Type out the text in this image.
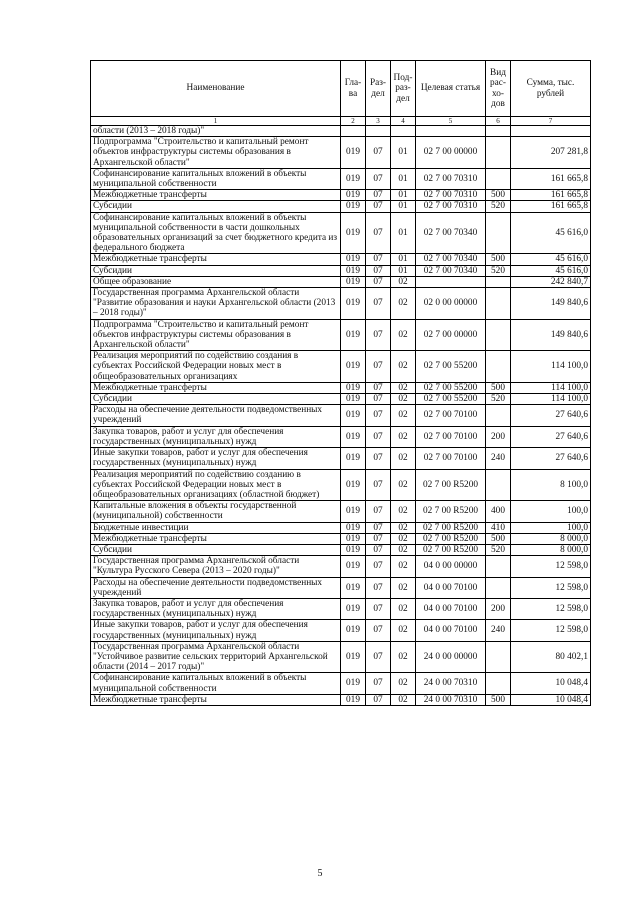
Наименование	Гла-ва	Раз-дел	Под-раз-дел	Целевая статья	Вид рас-хо-дов	Сумма, тыс. рублей
1	2	3	4	5	6	7
области (2013 – 2018 годы)"						
Подпрограмма "Строительство и капитальный ремонт объектов инфраструктуры системы образования в Архангельской области"	019	07	01	02 7 00 00000		207 281,8
Софинансирование капитальных вложений в объекты муниципальной собственности	019	07	01	02 7 00 70310		161 665,8
Межбюджетные трансферты	019	07	01	02 7 00 70310	500	161 665,8
Субсидии	019	07	01	02 7 00 70310	520	161 665,8
Софинансирование капитальных вложений в объекты муниципальной собственности в части дошкольных образовательных организаций за счет бюджетного кредита из федерального бюджета	019	07	01	02 7 00 70340		45 616,0
Межбюджетные трансферты	019	07	01	02 7 00 70340	500	45 616,0
Субсидии	019	07	01	02 7 00 70340	520	45 616,0
Общее образование	019	07	02			242 840,7
Государственная программа Архангельской области "Развитие образования и науки Архангельской области (2013 – 2018 годы)"	019	07	02	02 0 00 00000		149 840,6
Подпрограмма "Строительство и капитальный ремонт объектов инфраструктуры системы образования в Архангельской области"	019	07	02	02 7 00 00000		149 840,6
Реализация мероприятий по содействию создания в субъектах Российской Федерации новых мест в общеобразовательных организациях	019	07	02	02 7 00 55200		114 100,0
Межбюджетные трансферты	019	07	02	02 7 00 55200	500	114 100,0
Субсидии	019	07	02	02 7 00 55200	520	114 100,0
Расходы на обеспечение деятельности подведомственных учреждений	019	07	02	02 7 00 70100		27 640,6
Закупка товаров, работ и услуг для обеспечения государственных (муниципальных) нужд	019	07	02	02 7 00 70100	200	27 640,6
Иные закупки товаров, работ и услуг для обеспечения государственных (муниципальных) нужд	019	07	02	02 7 00 70100	240	27 640,6
Реализация мероприятий по содействию созданию в субъектах Российской Федерации новых мест в общеобразовательных организациях (областной бюджет)	019	07	02	02 7 00 R5200		8 100,0
Капитальные вложения в объекты государственной (муниципальной) собственности	019	07	02	02 7 00 R5200	400	100,0
Бюджетные инвестиции	019	07	02	02 7 00 R5200	410	100,0
Межбюджетные трансферты	019	07	02	02 7 00 R5200	500	8 000,0
Субсидии	019	07	02	02 7 00 R5200	520	8 000,0
Государственная программа Архангельской области "Культура Русского Севера (2013 – 2020 годы)"	019	07	02	04 0 00 00000		12 598,0
Расходы на обеспечение деятельности подведомственных учреждений	019	07	02	04 0 00 70100		12 598,0
Закупка товаров, работ и услуг для обеспечения государственных (муниципальных) нужд	019	07	02	04 0 00 70100	200	12 598,0
Иные закупки товаров, работ и услуг для обеспечения государственных (муниципальных) нужд	019	07	02	04 0 00 70100	240	12 598,0
Государственная программа Архангельской области "Устойчивое развитие сельских территорий Архангельской области (2014 – 2017 годы)"	019	07	02	24 0 00 00000		80 402,1
Софинансирование капитальных вложений в объекты муниципальной собственности	019	07	02	24 0 00 70310		10 048,4
Межбюджетные трансферты	019	07	02	24 0 00 70310	500	10 048,4
5
